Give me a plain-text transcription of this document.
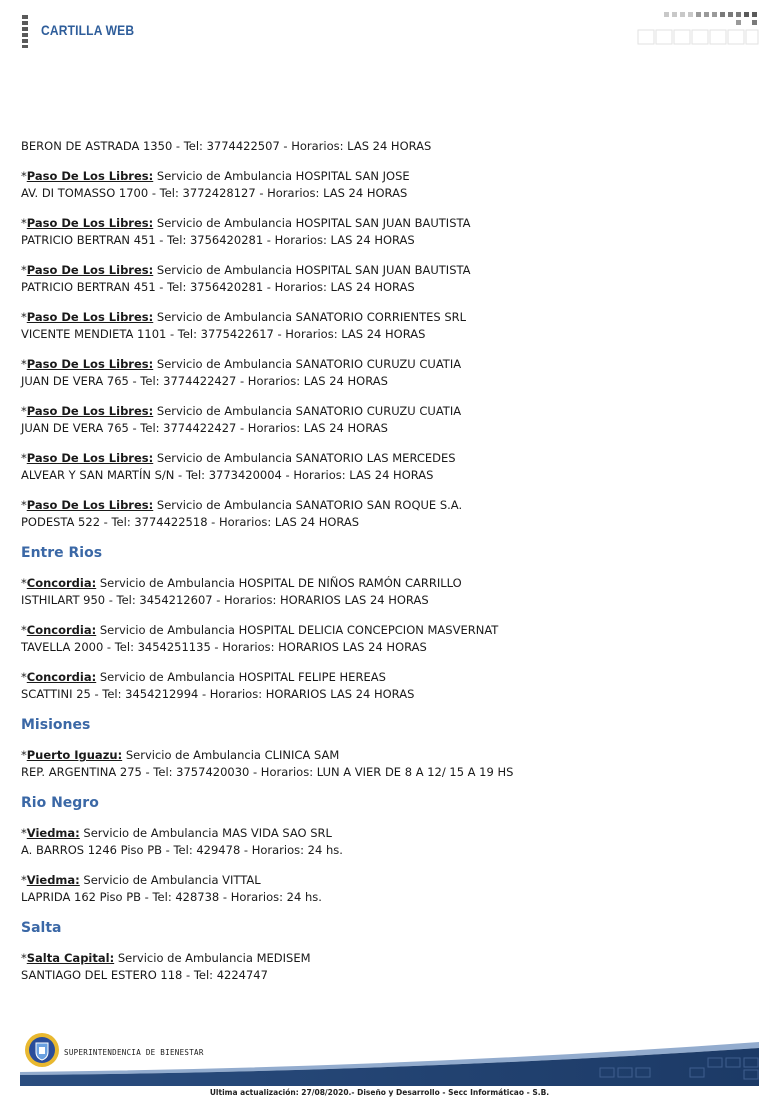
CARTILLA WEB
BERON DE ASTRADA 1350 - Tel: 3774422507 - Horarios: LAS 24 HORAS
*Paso De Los Libres: Servicio de Ambulancia HOSPITAL SAN JOSE
AV. DI TOMASSO 1700 - Tel: 3772428127 - Horarios: LAS 24 HORAS
*Paso De Los Libres: Servicio de Ambulancia HOSPITAL SAN JUAN BAUTISTA
PATRICIO BERTRAN 451 - Tel: 3756420281 - Horarios: LAS 24 HORAS
*Paso De Los Libres: Servicio de Ambulancia HOSPITAL SAN JUAN BAUTISTA
PATRICIO BERTRAN 451 - Tel: 3756420281 - Horarios: LAS 24 HORAS
*Paso De Los Libres: Servicio de Ambulancia SANATORIO CORRIENTES SRL
VICENTE MENDIETA 1101 - Tel: 3775422617 - Horarios: LAS 24 HORAS
*Paso De Los Libres: Servicio de Ambulancia SANATORIO CURUZU CUATIA
JUAN DE VERA 765 - Tel: 3774422427 - Horarios: LAS 24 HORAS
*Paso De Los Libres: Servicio de Ambulancia SANATORIO CURUZU CUATIA
JUAN DE VERA 765 - Tel: 3774422427 - Horarios: LAS 24 HORAS
*Paso De Los Libres: Servicio de Ambulancia SANATORIO LAS MERCEDES
ALVEAR Y SAN MARTÍN S/N - Tel: 3773420004 - Horarios: LAS 24 HORAS
*Paso De Los Libres: Servicio de Ambulancia SANATORIO SAN ROQUE S.A.
PODESTA 522 - Tel: 3774422518 - Horarios: LAS 24 HORAS
Entre Rios
*Concordia: Servicio de Ambulancia HOSPITAL DE NIÑOS RAMÓN CARRILLO
ISTHILART 950 - Tel: 3454212607 - Horarios: HORARIOS LAS 24 HORAS
*Concordia: Servicio de Ambulancia HOSPITAL DELICIA CONCEPCION MASVERNAT
TAVELLA 2000 - Tel: 3454251135 - Horarios: HORARIOS LAS 24 HORAS
*Concordia: Servicio de Ambulancia HOSPITAL FELIPE HEREAS
SCATTINI 25 - Tel: 3454212994 - Horarios: HORARIOS LAS 24 HORAS
Misiones
*Puerto Iguazu: Servicio de Ambulancia CLINICA SAM
REP. ARGENTINA 275 - Tel: 3757420030 - Horarios: LUN A VIER DE 8 A 12/ 15 A 19 HS
Rio Negro
*Viedma: Servicio de Ambulancia MAS VIDA SAO SRL
A. BARROS 1246 Piso PB - Tel: 429478 - Horarios: 24 hs.
*Viedma: Servicio de Ambulancia VITTAL
LAPRIDA 162 Piso PB - Tel: 428738 - Horarios: 24 hs.
Salta
*Salta Capital: Servicio de Ambulancia MEDISEM
SANTIAGO DEL ESTERO 118 - Tel: 4224747
SUPERINTENDENCIA DE BIENESTAR
Ultima actualización: 27/08/2020.- Diseño y Desarrollo - Secc Informáticao - S.B.
